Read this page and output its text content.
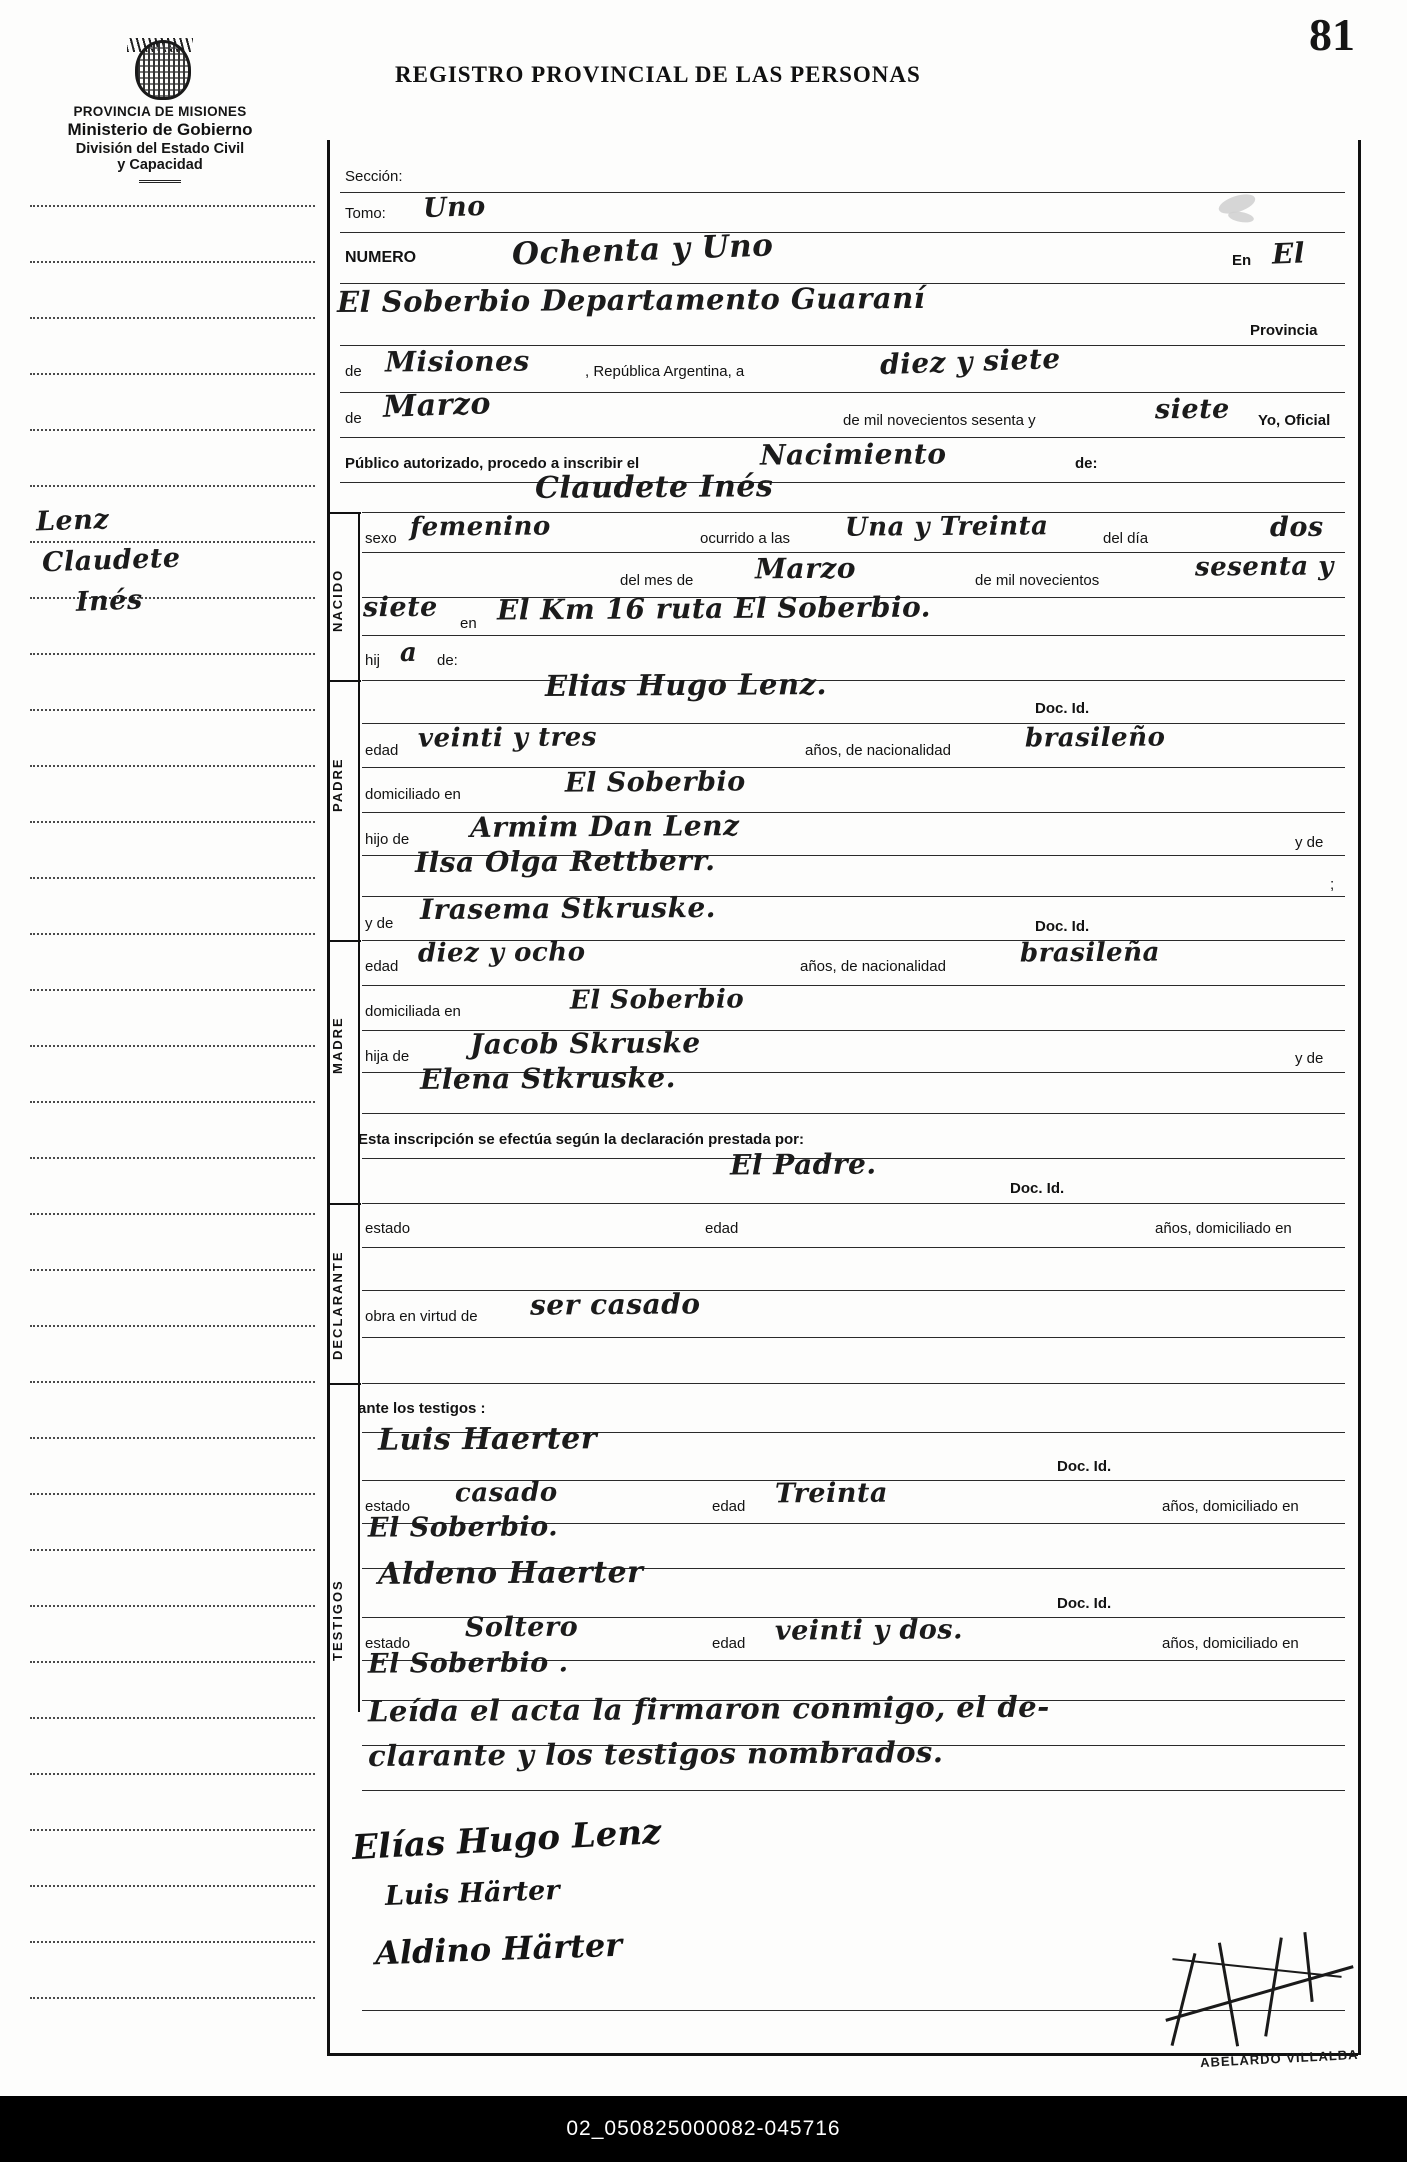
81
REGISTRO PROVINCIAL DE LAS PERSONAS
PROVINCIA DE MISIONES
Ministerio de Gobierno
División del Estado Civil
y Capacidad
Lenz
Claudete
Inés
Sección:
Tomo: Uno
NUMERO	Ochenta y Uno	En El
El Soberbio Departamento Guaraní
Provincia
de Misiones	, República Argentina, a	diez y siete
de Marzo	de mil novecientos sesenta y	siete Yo, Oficial
Público autorizado, procedo a inscribir el	Nacimiento	de:
Claudete Inés
NACIDO
sexo femenino	ocurrido a las Una y Treinta	del día	dos
del mes de Marzo	de mil novecientos	sesenta y
siete
en El Km 16 ruta El Soberbio.
hij a de:
PADRE
Elias Hugo Lenz.
Doc. Id.
edad veinti y tres	años, de nacionalidad	brasileño
domiciliado en	El Soberbio
hijo de Armim Dan Lenz	y de
Ilsa Olga Rettberr.
;
y de Irasema Stkruske.
Doc. Id.
MADRE
edad diez y ocho	años, de nacionalidad	brasileña
domiciliada en	El Soberbio
hija de Jacob Skruske	y de
Elena Stkruske.
Esta inscripción se efectúa según la declaración prestada por:
El Padre.
Doc. Id.
DECLARANTE
estado	edad	años, domiciliado en
obra en virtud de ser casado
TESTIGOS
ante los testigos :
Luis Haerter
Doc. Id.
estado casado	edad Treinta	años, domiciliado en
El Soberbio.
Aldeno Haerter
Doc. Id.
estado
Soltero
edad veinti y dos.	años, domiciliado en
El Soberbio .
Leída el acta la firmaron conmigo, el de-
clarante y los testigos nombrados.
Elías Hugo Lenz
Luis Härter
Aldino Härter
ABELARDO VILLALBA
02_050825000082-045716
